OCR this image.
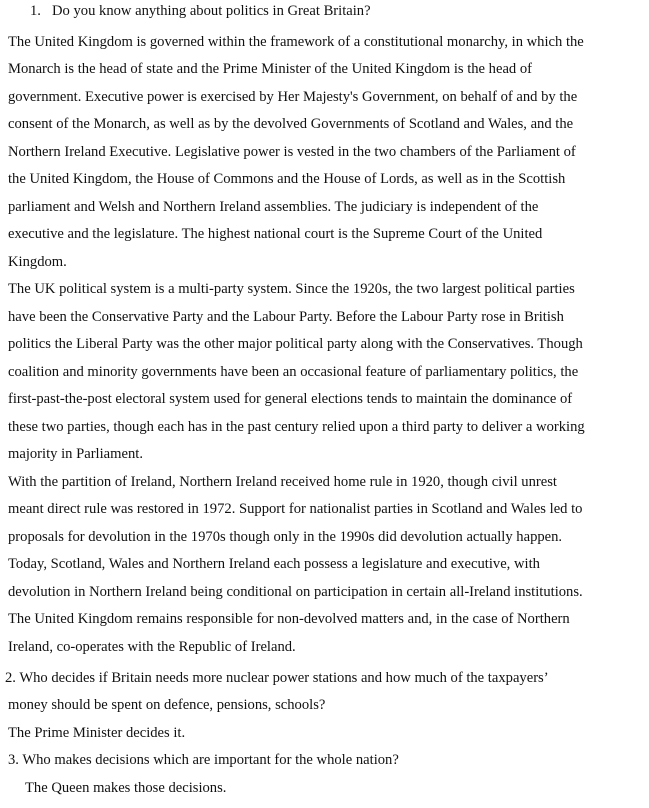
1. Do you know anything about politics in Great Britain?
The United Kingdom is governed within the framework of a constitutional monarchy, in which the
Monarch is the head of state and the Prime Minister of the United Kingdom is the head of
government. Executive power is exercised by Her Majesty's Government, on behalf of and by the
consent of the Monarch, as well as by the devolved Governments of Scotland and Wales, and the
Northern Ireland Executive. Legislative power is vested in the two chambers of the Parliament of
the United Kingdom, the House of Commons and the House of Lords, as well as in the Scottish
parliament and Welsh and Northern Ireland assemblies. The judiciary is independent of the
executive and the legislature. The highest national court is the Supreme Court of the United
Kingdom.
The UK political system is a multi-party system. Since the 1920s, the two largest political parties
have been the Conservative Party and the Labour Party. Before the Labour Party rose in British
politics the Liberal Party was the other major political party along with the Conservatives. Though
coalition and minority governments have been an occasional feature of parliamentary politics, the
first-past-the-post electoral system used for general elections tends to maintain the dominance of
these two parties, though each has in the past century relied upon a third party to deliver a working
majority in Parliament.
With the partition of Ireland, Northern Ireland received home rule in 1920, though civil unrest
meant direct rule was restored in 1972. Support for nationalist parties in Scotland and Wales led to
proposals for devolution in the 1970s though only in the 1990s did devolution actually happen.
Today, Scotland, Wales and Northern Ireland each possess a legislature and executive, with
devolution in Northern Ireland being conditional on participation in certain all-Ireland institutions.
The United Kingdom remains responsible for non-devolved matters and, in the case of Northern
Ireland, co-operates with the Republic of Ireland.
2. Who decides if Britain needs more nuclear power stations and how much of the taxpayers’
money should be spent on defence, pensions, schools?
The Prime Minister decides it.
3. Who makes decisions which are important for the whole nation?
The Queen makes those decisions.
